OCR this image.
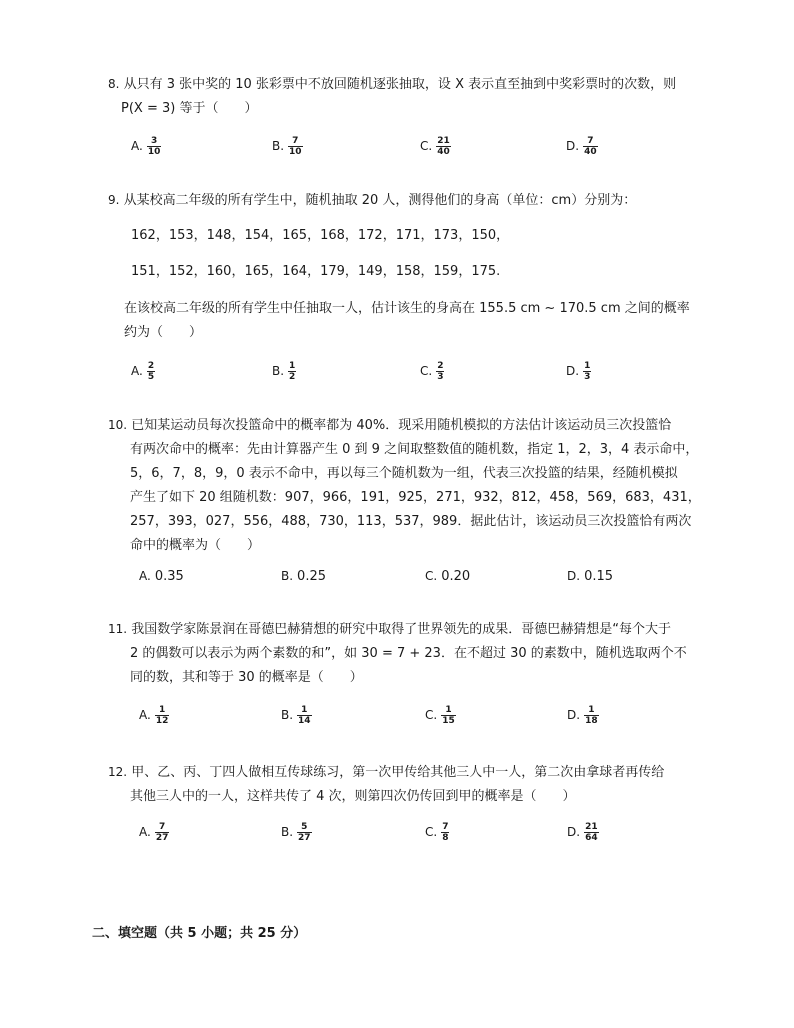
8. 从只有 3 张中奖的 10 张彩票中不放回随机逐张抽取，设 X 表示直至抽到中奖彩票时的次数，则
P(X = 3) 等于（　　）
A. $\frac{3}{10}$	B. $\frac{7}{10}$	C. $\frac{21}{40}$	D. $\frac{7}{40}$
9. 从某校高二年级的所有学生中，随机抽取 20 人，测得他们的身高（单位：cm）分别为：
162，153，148，154，165，168，172，171，173，150，
151，152，160，165，164，179，149，158，159，175.
在该校高二年级的所有学生中任抽取一人，估计该生的身高在 155.5 cm ~ 170.5 cm 之间的概率
约为（　　）
A. $\frac{2}{5}$	B. $\frac{1}{2}$	C. $\frac{2}{3}$	D. $\frac{1}{3}$
10. 已知某运动员每次投篮命中的概率都为 40%．现采用随机模拟的方法估计该运动员三次投篮恰
有两次命中的概率：先由计算器产生 0 到 9 之间取整数值的随机数，指定 1，2，3，4 表示命中，
5，6，7，8，9，0 表示不命中，再以每三个随机数为一组，代表三次投篮的结果，经随机模拟
产生了如下 20 组随机数：907，966，191，925，271，932，812，458，569，683，431，
257，393，027，556，488，730，113，537，989．据此估计，该运动员三次投篮恰有两次
命中的概率为（　　）
A. 0.35	B. 0.25	C. 0.20	D. 0.15
11. 我国数学家陈景润在哥德巴赫猜想的研究中取得了世界领先的成果．哥德巴赫猜想是“每个大于
2 的偶数可以表示为两个素数的和”，如 30 = 7 + 23．在不超过 30 的素数中，随机选取两个不
同的数，其和等于 30 的概率是（　　）
A. $\frac{1}{12}$	B. $\frac{1}{14}$	C. $\frac{1}{15}$	D. $\frac{1}{18}$
12. 甲、乙、丙、丁四人做相互传球练习，第一次甲传给其他三人中一人，第二次由拿球者再传给
其他三人中的一人，这样共传了 4 次，则第四次仍传回到甲的概率是（　　）
A. $\frac{7}{27}$	B. $\frac{5}{27}$	C. $\frac{7}{8}$	D. $\frac{21}{64}$
二、填空题（共 5 小题；共 25 分）
